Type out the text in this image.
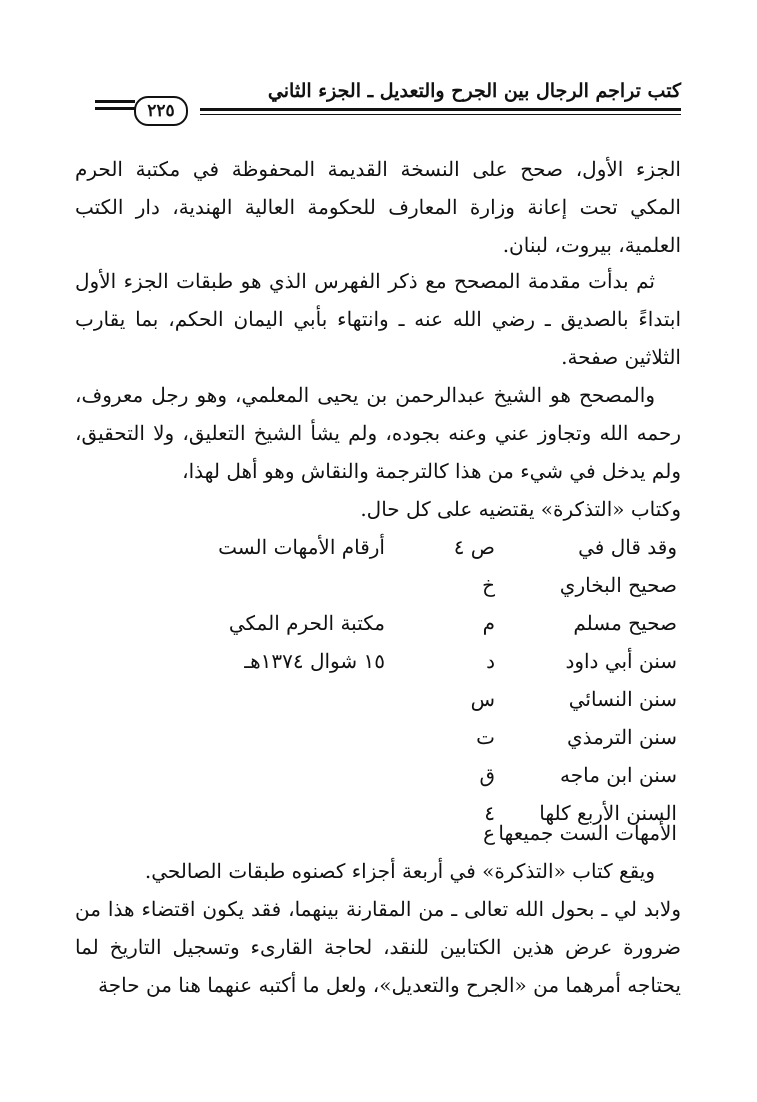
كتب تراجم الرجال بين الجرح والتعديل ـ الجزء الثاني
٢٢٥

الجزء الأول، صحح على النسخة القديمة المحفوظة في مكتبة الحرم المكي تحت إعانة وزارة المعارف للحكومة العالية الهندية، دار الكتب العلمية، بيروت، لبنان.

ثم بدأت مقدمة المصحح مع ذكر الفهرس الذي هو طبقات الجزء الأول ابتداءً بالصديق ـ رضي الله عنه ـ وانتهاء بأبي اليمان الحكم، بما يقارب الثلاثين صفحة.

والمصحح هو الشيخ عبدالرحمن بن يحيى المعلمي، وهو رجل معروف، رحمه الله وتجاوز عني وعنه بجوده، ولم يشأ الشيخ التعليق، ولا التحقيق، ولم يدخل في شيء من هذا كالترجمة والنقاش وهو أهل لهذا،

وكتاب «التذكرة» يقتضيه على كل حال.

وقد قال في
ص ٤
أرقام الأمهات الست
صحيح البخاري
خ
صحيح مسلم
م
مكتبة الحرم المكي
سنن أبي داود
د
١٥ شوال ١٣٧٤هـ
سنن النسائي
س
سنن الترمذي
ت
سنن ابن ماجه
ق
السنن الأربع كلها
٤
الأمهات الست جميعها
ع

ويقع كتاب «التذكرة» في أربعة أجزاء كصنوه طبقات الصالحي.

ولابد لي ـ بحول الله تعالى ـ من المقارنة بينهما، فقد يكون اقتضاء هذا من ضرورة عرض هذين الكتابين للنقد، لحاجة القارىء وتسجيل التاريخ لما يحتاجه أمرهما من «الجرح والتعديل»، ولعل ما أكتبه عنهما هنا من حاجة
